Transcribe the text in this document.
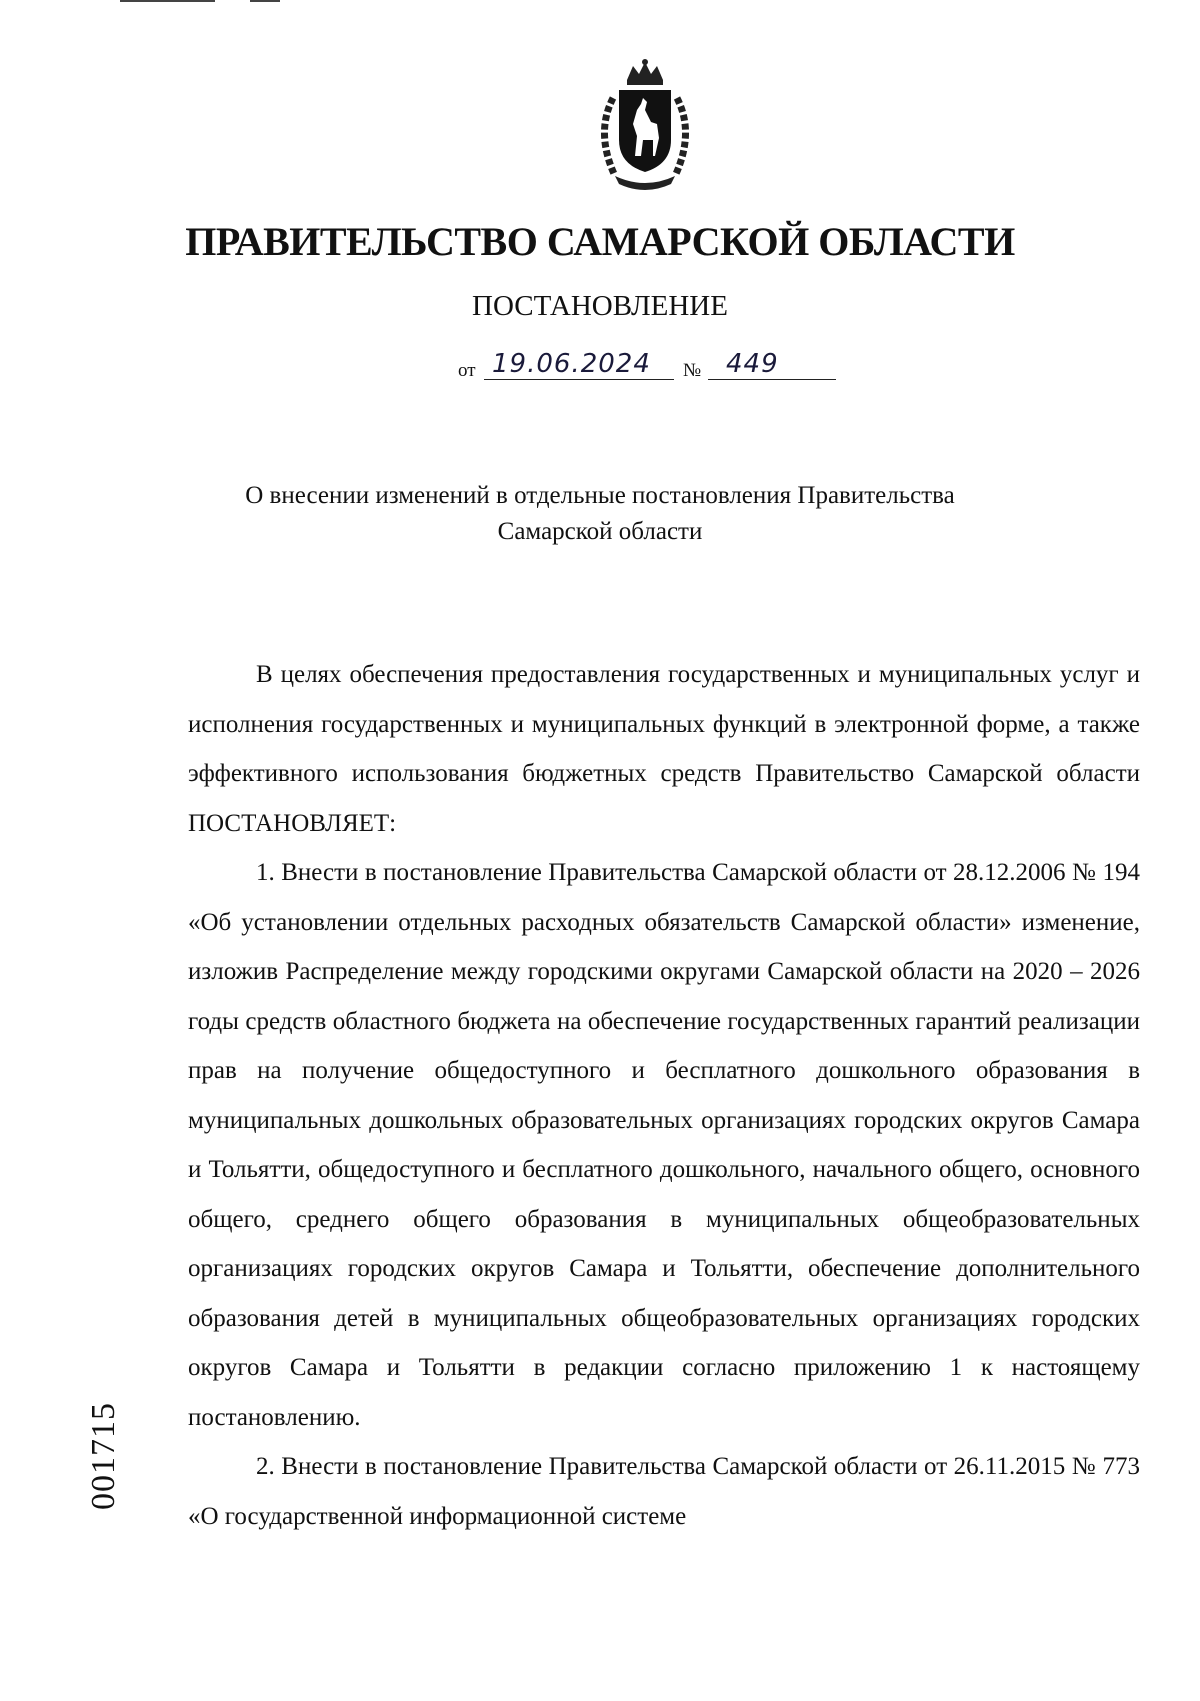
ПРАВИТЕЛЬСТВО САМАРСКОЙ ОБЛАСТИ
ПОСТАНОВЛЕНИЕ
от 19.06.2024 № 449
О внесении изменений в отдельные постановления Правительства
Самарской области

В целях обеспечения предоставления государственных и муниципальных услуг и исполнения государственных и муниципальных функций в электронной форме, а также эффективного использования бюджетных средств Правительство Самарской области ПОСТАНОВЛЯЕТ:

1. Внести в постановление Правительства Самарской области от 28.12.2006 № 194 «Об установлении отдельных расходных обязательств Самарской области» изменение, изложив Распределение между городскими округами Самарской области на 2020 – 2026 годы средств областного бюджета на обеспечение государственных гарантий реализации прав на получение общедоступного и бесплатного дошкольного образования в муниципальных дошкольных образовательных организациях городских округов Самара и Тольятти, общедоступного и бесплатного дошкольного, начального общего, основного общего, среднего общего образования в муниципальных общеобразовательных организациях городских округов Самара и Тольятти, обеспечение дополнительного образования детей в муниципальных общеобразовательных организациях городских округов Самара и Тольятти в редакции согласно приложению 1 к настоящему постановлению.

2. Внести в постановление Правительства Самарской области от 26.11.2015 № 773 «О государственной информационной системе

001715
